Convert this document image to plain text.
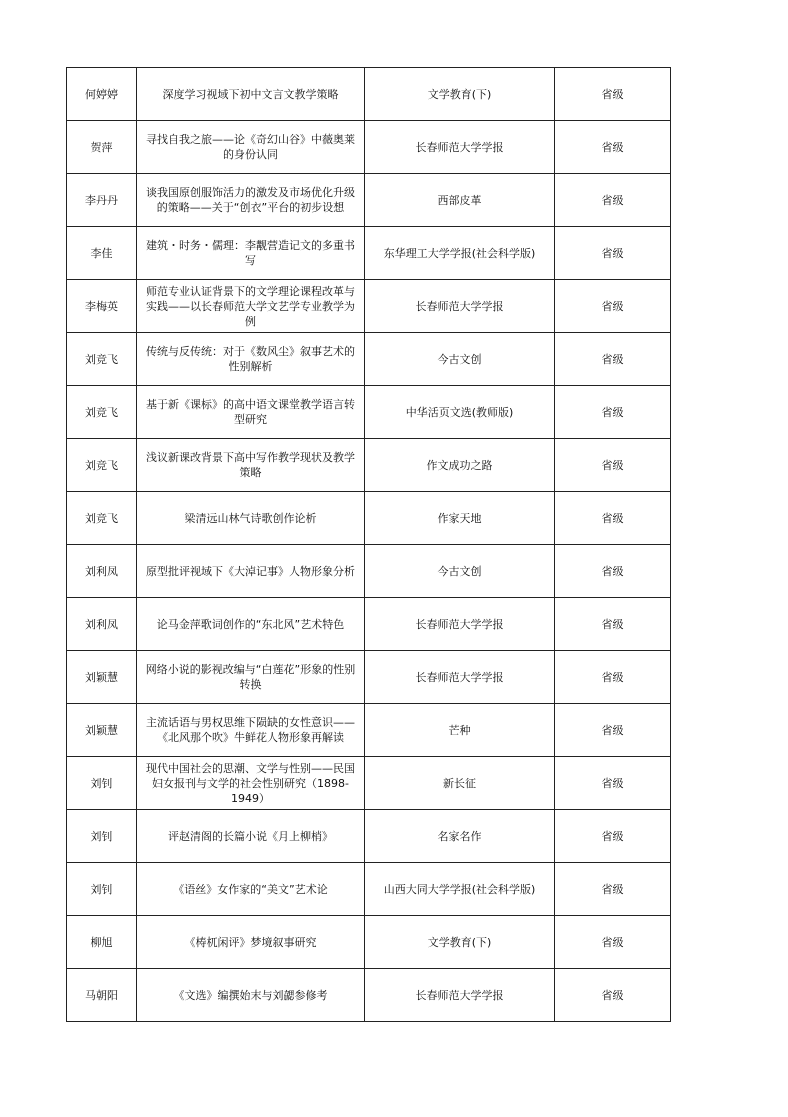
何婷婷	深度学习视域下初中文言文教学策略	文学教育(下)	省级
贺萍	寻找自我之旅——论《奇幻山谷》中薇奥莱的身份认同	长春师范大学学报	省级
李丹丹	谈我国原创服饰活力的激发及市场优化升级的策略——关于“创衣”平台的初步设想	西部皮革	省级
李佳	建筑・时务・儒理：李觏营造记文的多重书写	东华理工大学学报(社会科学版)	省级
李梅英	师范专业认证背景下的文学理论课程改革与实践——以长春师范大学文艺学专业教学为例	长春师范大学学报	省级
刘竞飞	传统与反传统：对于《数风尘》叙事艺术的性别解析	今古文创	省级
刘竞飞	基于新《课标》的高中语文课堂教学语言转型研究	中华活页文选(教师版)	省级
刘竞飞	浅议新课改背景下高中写作教学现状及教学策略	作文成功之路	省级
刘竞飞	梁清远山林气诗歌创作论析	作家天地	省级
刘利凤	原型批评视域下《大淖记事》人物形象分析	今古文创	省级
刘利凤	论马金萍歌词创作的“东北风”艺术特色	长春师范大学学报	省级
刘颖慧	网络小说的影视改编与“白莲花”形象的性别转换	长春师范大学学报	省级
刘颖慧	主流话语与男权思维下陨缺的女性意识——《北风那个吹》牛鲜花人物形象再解读	芒种	省级
刘钊	现代中国社会的思潮、文学与性别——民国妇女报刊与文学的社会性别研究（1898-1949）	新长征	省级
刘钊	评赵清阁的长篇小说《月上柳梢》	名家名作	省级
刘钊	《语丝》女作家的“美文”艺术论	山西大同大学学报(社会科学版)	省级
柳旭	《梼杌闲评》梦境叙事研究	文学教育(下)	省级
马朝阳	《文选》编撰始末与刘勰参修考	长春师范大学学报	省级
